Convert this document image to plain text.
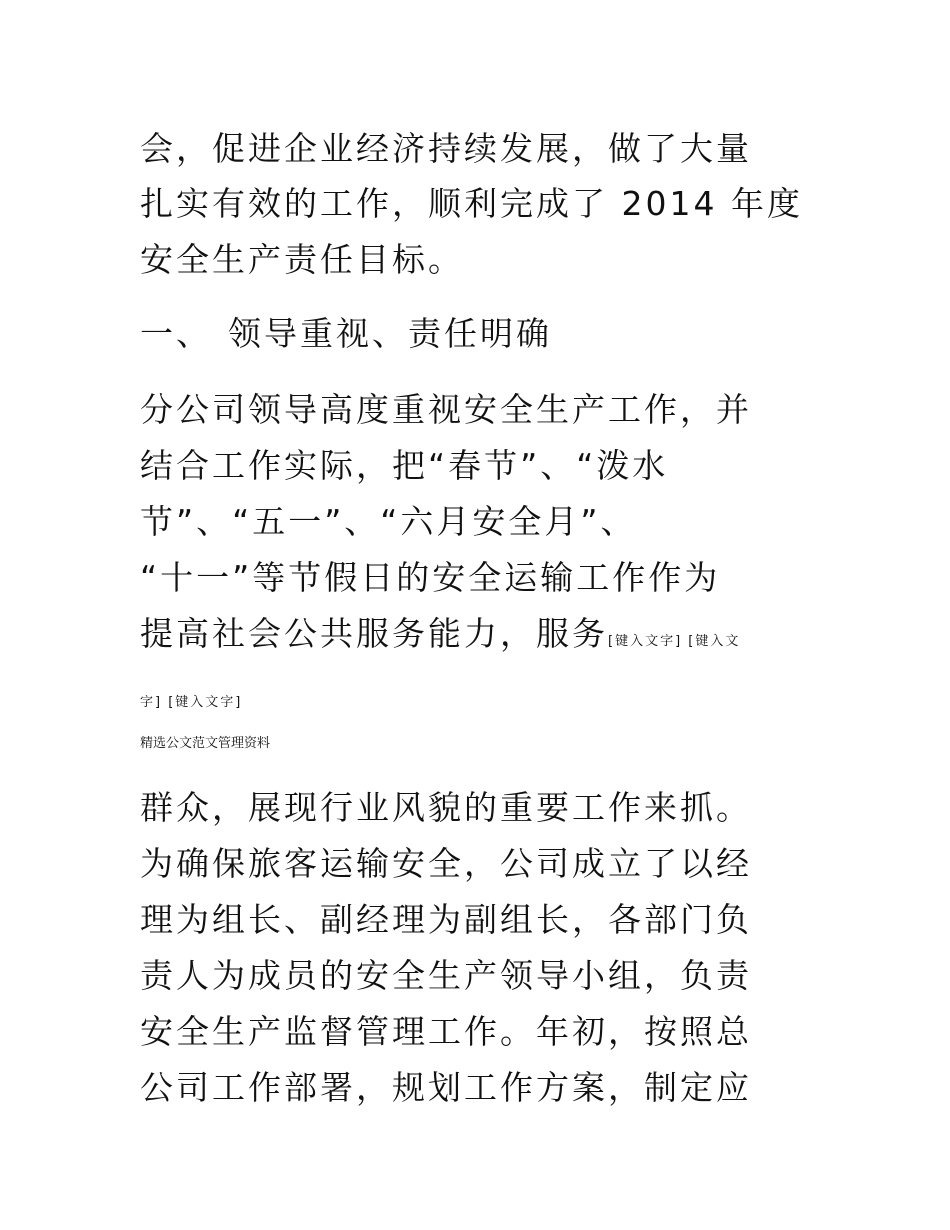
会，促进企业经济持续发展，做了大量

扎实有效的工作，顺利完成了 2014 年度

安全生产责任目标。

一、 领导重视、责任明确

分公司领导高度重视安全生产工作，并

结合工作实际，把“春节”、“泼水

节”、“五一”、“六月安全月”、

“十一”等节假日的安全运输工作作为

提高社会公共服务能力，服务[键入文字] [键入文

字] [键入文字]
精选公文范文管理资料

群众，展现行业风貌的重要工作来抓。

为确保旅客运输安全，公司成立了以经

理为组长、副经理为副组长，各部门负

责人为成员的安全生产领导小组，负责

安全生产监督管理工作。年初，按照总

公司工作部署，规划工作方案，制定应
